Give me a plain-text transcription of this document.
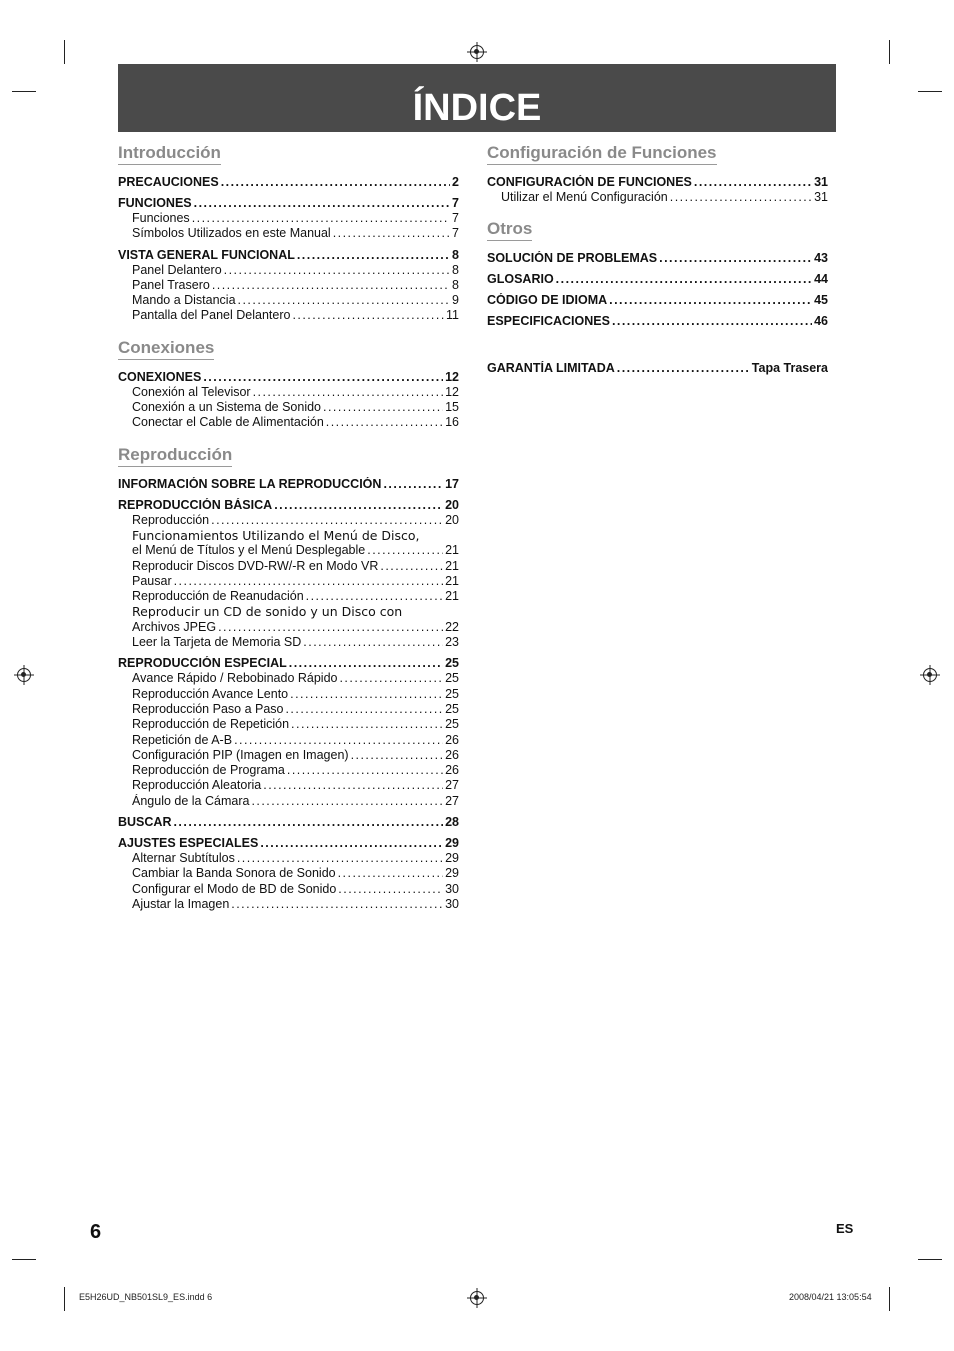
ÍNDICE
Introducción
PRECAUCIONES . . .	2
FUNCIONES . . .	7
Funciones . . .	7
Símbolos Utilizados en este Manual . . .	7
VISTA GENERAL FUNCIONAL . . .	8
Panel Delantero . . .	8
Panel Trasero . . .	8
Mando a Distancia . . .	9
Pantalla del Panel Delantero . . .	11
Conexiones
CONEXIONES . . .	12
Conexión al Televisor . . .	12
Conexión a un Sistema de Sonido . . .	15
Conectar el Cable de Alimentación . . .	16
Reproducción
INFORMACIÓN SOBRE LA REPRODUCCIÓN . . .	17
REPRODUCCIÓN BÁSICA . . .	20
Reproducción . . .	20
Funcionamientos Utilizando el Menú de Disco,
el Menú de Títulos y el Menú Desplegable . . .	21
Reproducir Discos DVD-RW/-R en Modo VR . . .	21
Pausar . . .	21
Reproducción de Reanudación . . .	21
Reproducir un CD de sonido y un Disco con
Archivos JPEG . . .	22
Leer la Tarjeta de Memoria SD . . .	23
REPRODUCCIÓN ESPECIAL . . .	25
Avance Rápido / Rebobinado Rápido . . .	25
Reproducción Avance Lento . . .	25
Reproducción Paso a Paso . . .	25
Reproducción de Repetición . . .	25
Repetición de A-B . . .	26
Configuración PIP (Imagen en Imagen) . . .	26
Reproducción de Programa . . .	26
Reproducción Aleatoria . . .	27
Ángulo de la Cámara . . .	27
BUSCAR . . .	28
AJUSTES ESPECIALES . . .	29
Alternar Subtítulos . . .	29
Cambiar la Banda Sonora de Sonido . . .	29
Configurar el Modo de BD de Sonido . . .	30
Ajustar la Imagen . . .	30
Configuración de Funciones
CONFIGURACIÓN DE FUNCIONES . . .	31
Utilizar el Menú Configuración . . .	31
Otros
SOLUCIÓN DE PROBLEMAS . . .	43
GLOSARIO . . .	44
CÓDIGO DE IDIOMA . . .	45
ESPECIFICACIONES . . .	46
GARANTÍA LIMITADA . . .	Tapa Trasera
6	ES
E5H26UD_NB501SL9_ES.indd 6	2008/04/21 13:05:54
